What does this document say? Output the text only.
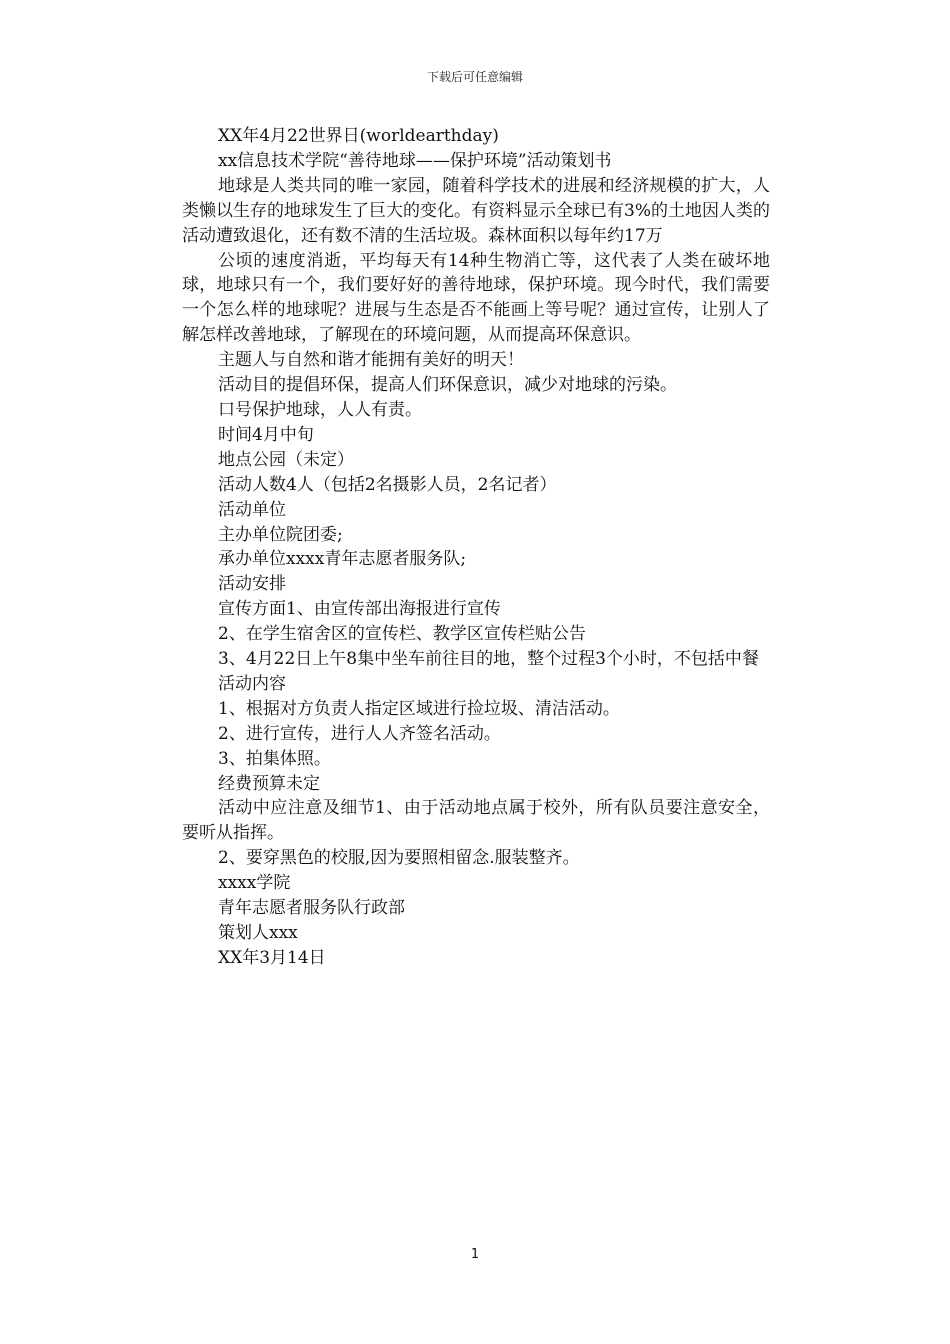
下载后可任意编辑

XX年4月22世界日(worldearthday)

xx信息技术学院“善待地球——保护环境”活动策划书

地球是人类共同的唯一家园，随着科学技术的进展和经济规模的扩大，人类懒以生存的地球发生了巨大的变化。有资料显示全球已有3%的土地因人类的活动遭致退化，还有数不清的生活垃圾。森林面积以每年约17万

公顷的速度消逝，平均每天有14种生物消亡等，这代表了人类在破坏地球，地球只有一个，我们要好好的善待地球，保护环境。现今时代，我们需要一个怎么样的地球呢？进展与生态是否不能画上等号呢？通过宣传，让别人了解怎样改善地球，了解现在的环境问题，从而提高环保意识。

主题人与自然和谐才能拥有美好的明天！

活动目的提倡环保，提高人们环保意识，减少对地球的污染。

口号保护地球，人人有责。

时间4月中旬

地点公园（未定）

活动人数4人（包括2名摄影人员，2名记者）

活动单位

主办单位院团委;

承办单位xxxx青年志愿者服务队;

活动安排

宣传方面1、由宣传部出海报进行宣传

2、在学生宿舍区的宣传栏、教学区宣传栏贴公告

3、4月22日上午8集中坐车前往目的地，整个过程3个小时，不包括中餐

活动内容

1、根据对方负责人指定区域进行捡垃圾、清洁活动。

2、进行宣传，进行人人齐签名活动。

3、拍集体照。

经费预算未定

活动中应注意及细节1、由于活动地点属于校外，所有队员要注意安全，要听从指挥。

2、要穿黑色的校服,因为要照相留念.服装整齐。

xxxx学院

青年志愿者服务队行政部

策划人xxx

XX年3月14日

1
